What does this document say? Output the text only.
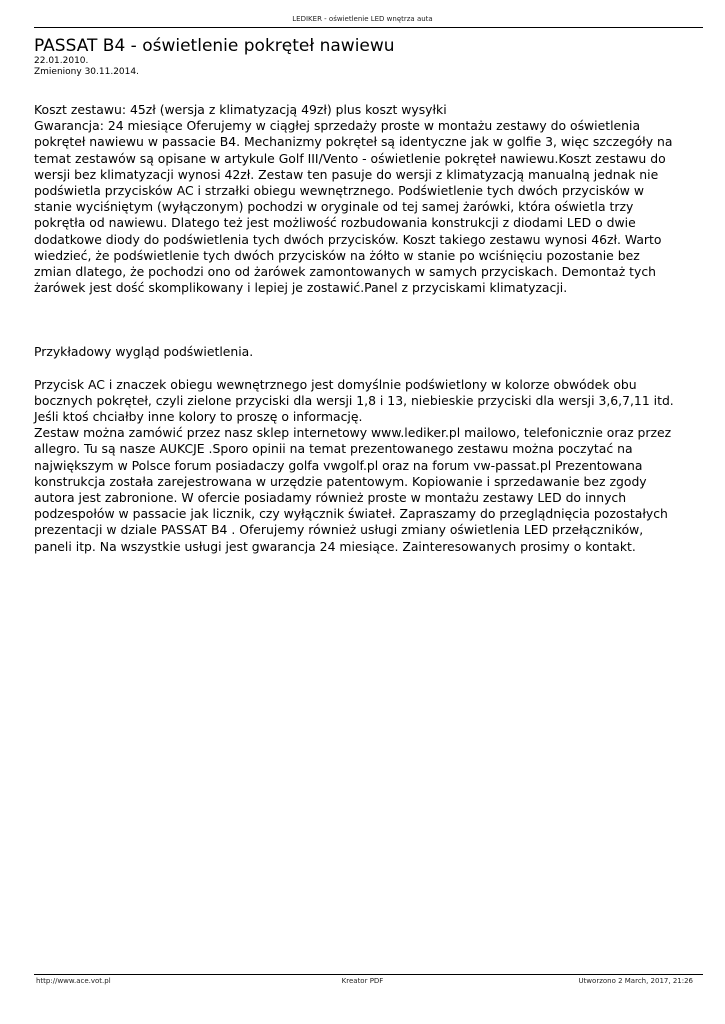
LEDIKER - oświetlenie LED wnętrza auta
PASSAT B4 - oświetlenie pokręteł nawiewu
22.01.2010.
Zmieniony 30.11.2014.

Koszt zestawu: 45zł (wersja z klimatyzacją 49zł) plus koszt wysyłki

Gwarancja: 24 miesiące Oferujemy w ciągłej sprzedaży proste w montażu zestawy do oświetlenia pokręteł nawiewu w passacie B4. Mechanizmy pokręteł są identyczne jak w golfie 3, więc szczegóły na temat zestawów są opisane w artykule Golf III/Vento - oświetlenie pokręteł nawiewu.Koszt zestawu do wersji bez klimatyzacji wynosi 42zł. Zestaw ten pasuje do wersji z klimatyzacją manualną jednak nie podświetla przycisków AC i strzałki obiegu wewnętrznego. Podświetlenie tych dwóch przycisków w stanie wyciśniętym (wyłączonym) pochodzi w oryginale od tej samej żarówki, która oświetla trzy pokrętła od nawiewu. Dlatego też jest możliwość rozbudowania konstrukcji z diodami LED o dwie dodatkowe diody do podświetlenia tych dwóch przycisków. Koszt takiego zestawu wynosi 46zł. Warto wiedzieć, że podświetlenie tych dwóch przycisków na żółto w stanie po wciśnięciu pozostanie bez zmian dlatego, że pochodzi ono od żarówek zamontowanych w samych przyciskach. Demontaż tych żarówek jest dość skomplikowany i lepiej je zostawić.Panel z przyciskami klimatyzacji.

Przykładowy wygląd podświetlenia.

Przycisk AC i znaczek obiegu wewnętrznego jest domyślnie podświetlony w kolorze obwódek obu bocznych pokręteł, czyli zielone przyciski dla wersji 1,8 i 13, niebieskie przyciski dla wersji 3,6,7,11 itd. Jeśli ktoś chciałby inne kolory to proszę o informację.

Zestaw można zamówić przez nasz sklep internetowy www.lediker.pl mailowo, telefonicznie oraz przez allegro. Tu są nasze AUKCJE .Sporo opinii na temat prezentowanego zestawu można poczytać na największym w Polsce forum posiadaczy golfa vwgolf.pl oraz na forum vw-passat.pl Prezentowana konstrukcja została zarejestrowana w urzędzie patentowym. Kopiowanie i sprzedawanie bez zgody autora jest zabronione. W ofercie posiadamy również proste w montażu zestawy LED do innych podzespołów w passacie jak licznik, czy wyłącznik świateł. Zapraszamy do przeglądnięcia pozostałych prezentacji w dziale PASSAT B4 . Oferujemy również usługi zmiany oświetlenia LED przełączników, paneli itp. Na wszystkie usługi jest gwarancja 24 miesiące. Zainteresowanych prosimy o kontakt.

http://www.ace.vot.pl	Kreator PDF	Utworzono 2 March, 2017, 21:26
